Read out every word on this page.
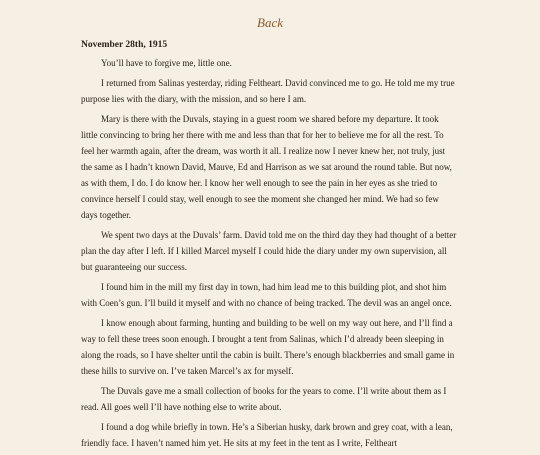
Back
November 28th, 1915

You’ll have to forgive me, little one.

I returned from Salinas yesterday, riding Feltheart. David convinced me to go. He told me my true purpose lies with the diary, with the mission, and so here I am.

Mary is there with the Duvals, staying in a guest room we shared before my departure. It took little convincing to bring her there with me and less than that for her to believe me for all the rest. To feel her warmth again, after the dream, was worth it all. I realize now I never knew her, not truly, just the same as I hadn’t known David, Mauve, Ed and Harrison as we sat around the round table. But now, as with them, I do. I do know her. I know her well enough to see the pain in her eyes as she tried to convince herself I could stay, well enough to see the moment she changed her mind. We had so few days together.

We spent two days at the Duvals’ farm. David told me on the third day they had thought of a better plan the day after I left. If I killed Marcel myself I could hide the diary under my own supervision, all but guaranteeing our success.

I found him in the mill my first day in town, had him lead me to this building plot, and shot him with Coen’s gun. I’ll build it myself and with no chance of being tracked. The devil was an angel once.

I know enough about farming, hunting and building to be well on my way out here, and I’ll find a way to fell these trees soon enough. I brought a tent from Salinas, which I’d already been sleeping in along the roads, so I have shelter until the cabin is built. There’s enough blackberries and small game in these hills to survive on. I’ve taken Marcel’s ax for myself.

The Duvals gave me a small collection of books for the years to come. I’ll write about them as I read. All goes well I’ll have nothing else to write about.

I found a dog while briefly in town. He’s a Siberian husky, dark brown and grey coat, with a lean, friendly face. I haven’t named him yet. He sits at my feet in the tent as I write, Feltheart
